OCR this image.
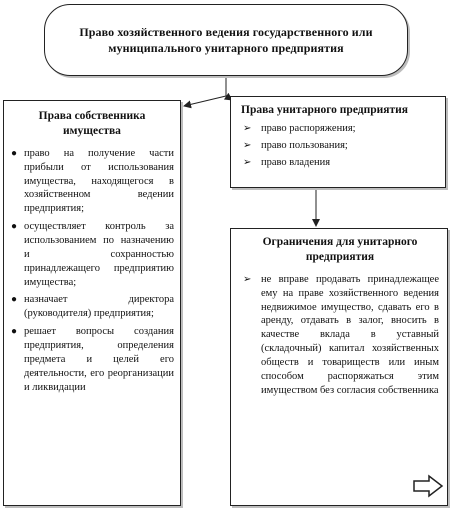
Право хозяйственного ведения государственного или муниципального унитарного предприятия
Права собственника имущества
● право на получение части прибыли от использования имущества, находящегося в хозяйственном ведении предприятия;
● осуществляет контроль за использованием по назначению и сохранностью принадлежащего предприятию имущества;
● назначает директора (руководителя) предприятия;
● решает вопросы создания предприятия, определения предмета и целей его деятельности, его реорганизации и ликвидации
Права унитарного предприятия
➢ право распоряжения;
➢ право пользования;
➢ право владения
Ограничения для унитарного предприятия
➢ не вправе продавать принадлежащее ему на праве хозяйственного ведения недвижимое имущество, сдавать его в аренду, отдавать в залог, вносить в качестве вклада в уставный (складочный) капитал хозяйственных обществ и товариществ или иным способом распоряжаться этим имуществом без согласия собственника
